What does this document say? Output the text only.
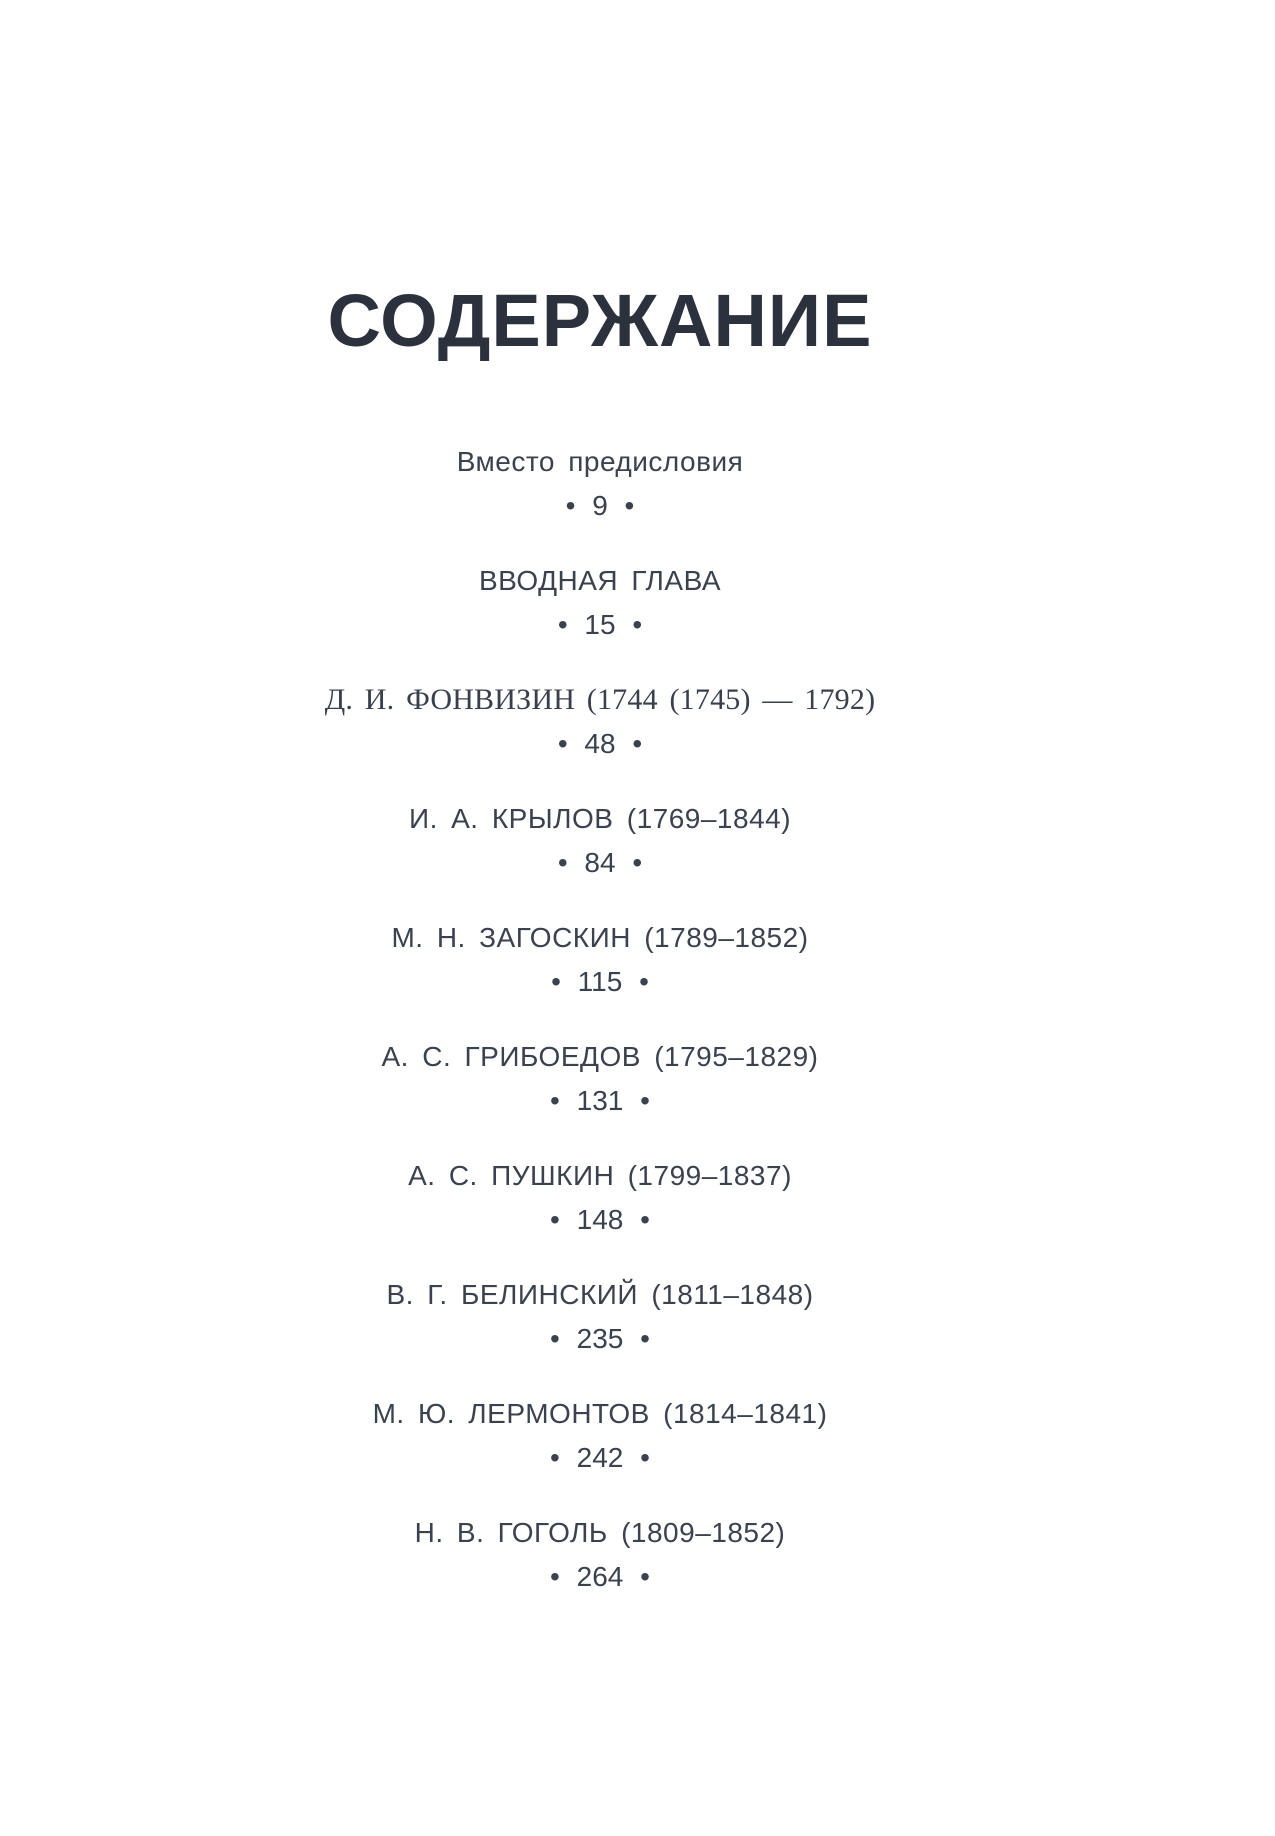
СОДЕРЖАНИЕ
Вместо предисловия
• 9 •
ВВОДНАЯ ГЛАВА
• 15 •
Д. И. ФОНВИЗИН (1744 (1745) — 1792)
• 48 •
И. А. КРЫЛОВ (1769–1844)
• 84 •
М. Н. ЗАГОСКИН (1789–1852)
• 115 •
А. С. ГРИБОЕДОВ (1795–1829)
• 131 •
А. С. ПУШКИН (1799–1837)
• 148 •
В. Г. БЕЛИНСКИЙ (1811–1848)
• 235 •
М. Ю. ЛЕРМОНТОВ (1814–1841)
• 242 •
Н. В. ГОГОЛЬ (1809–1852)
• 264 •
